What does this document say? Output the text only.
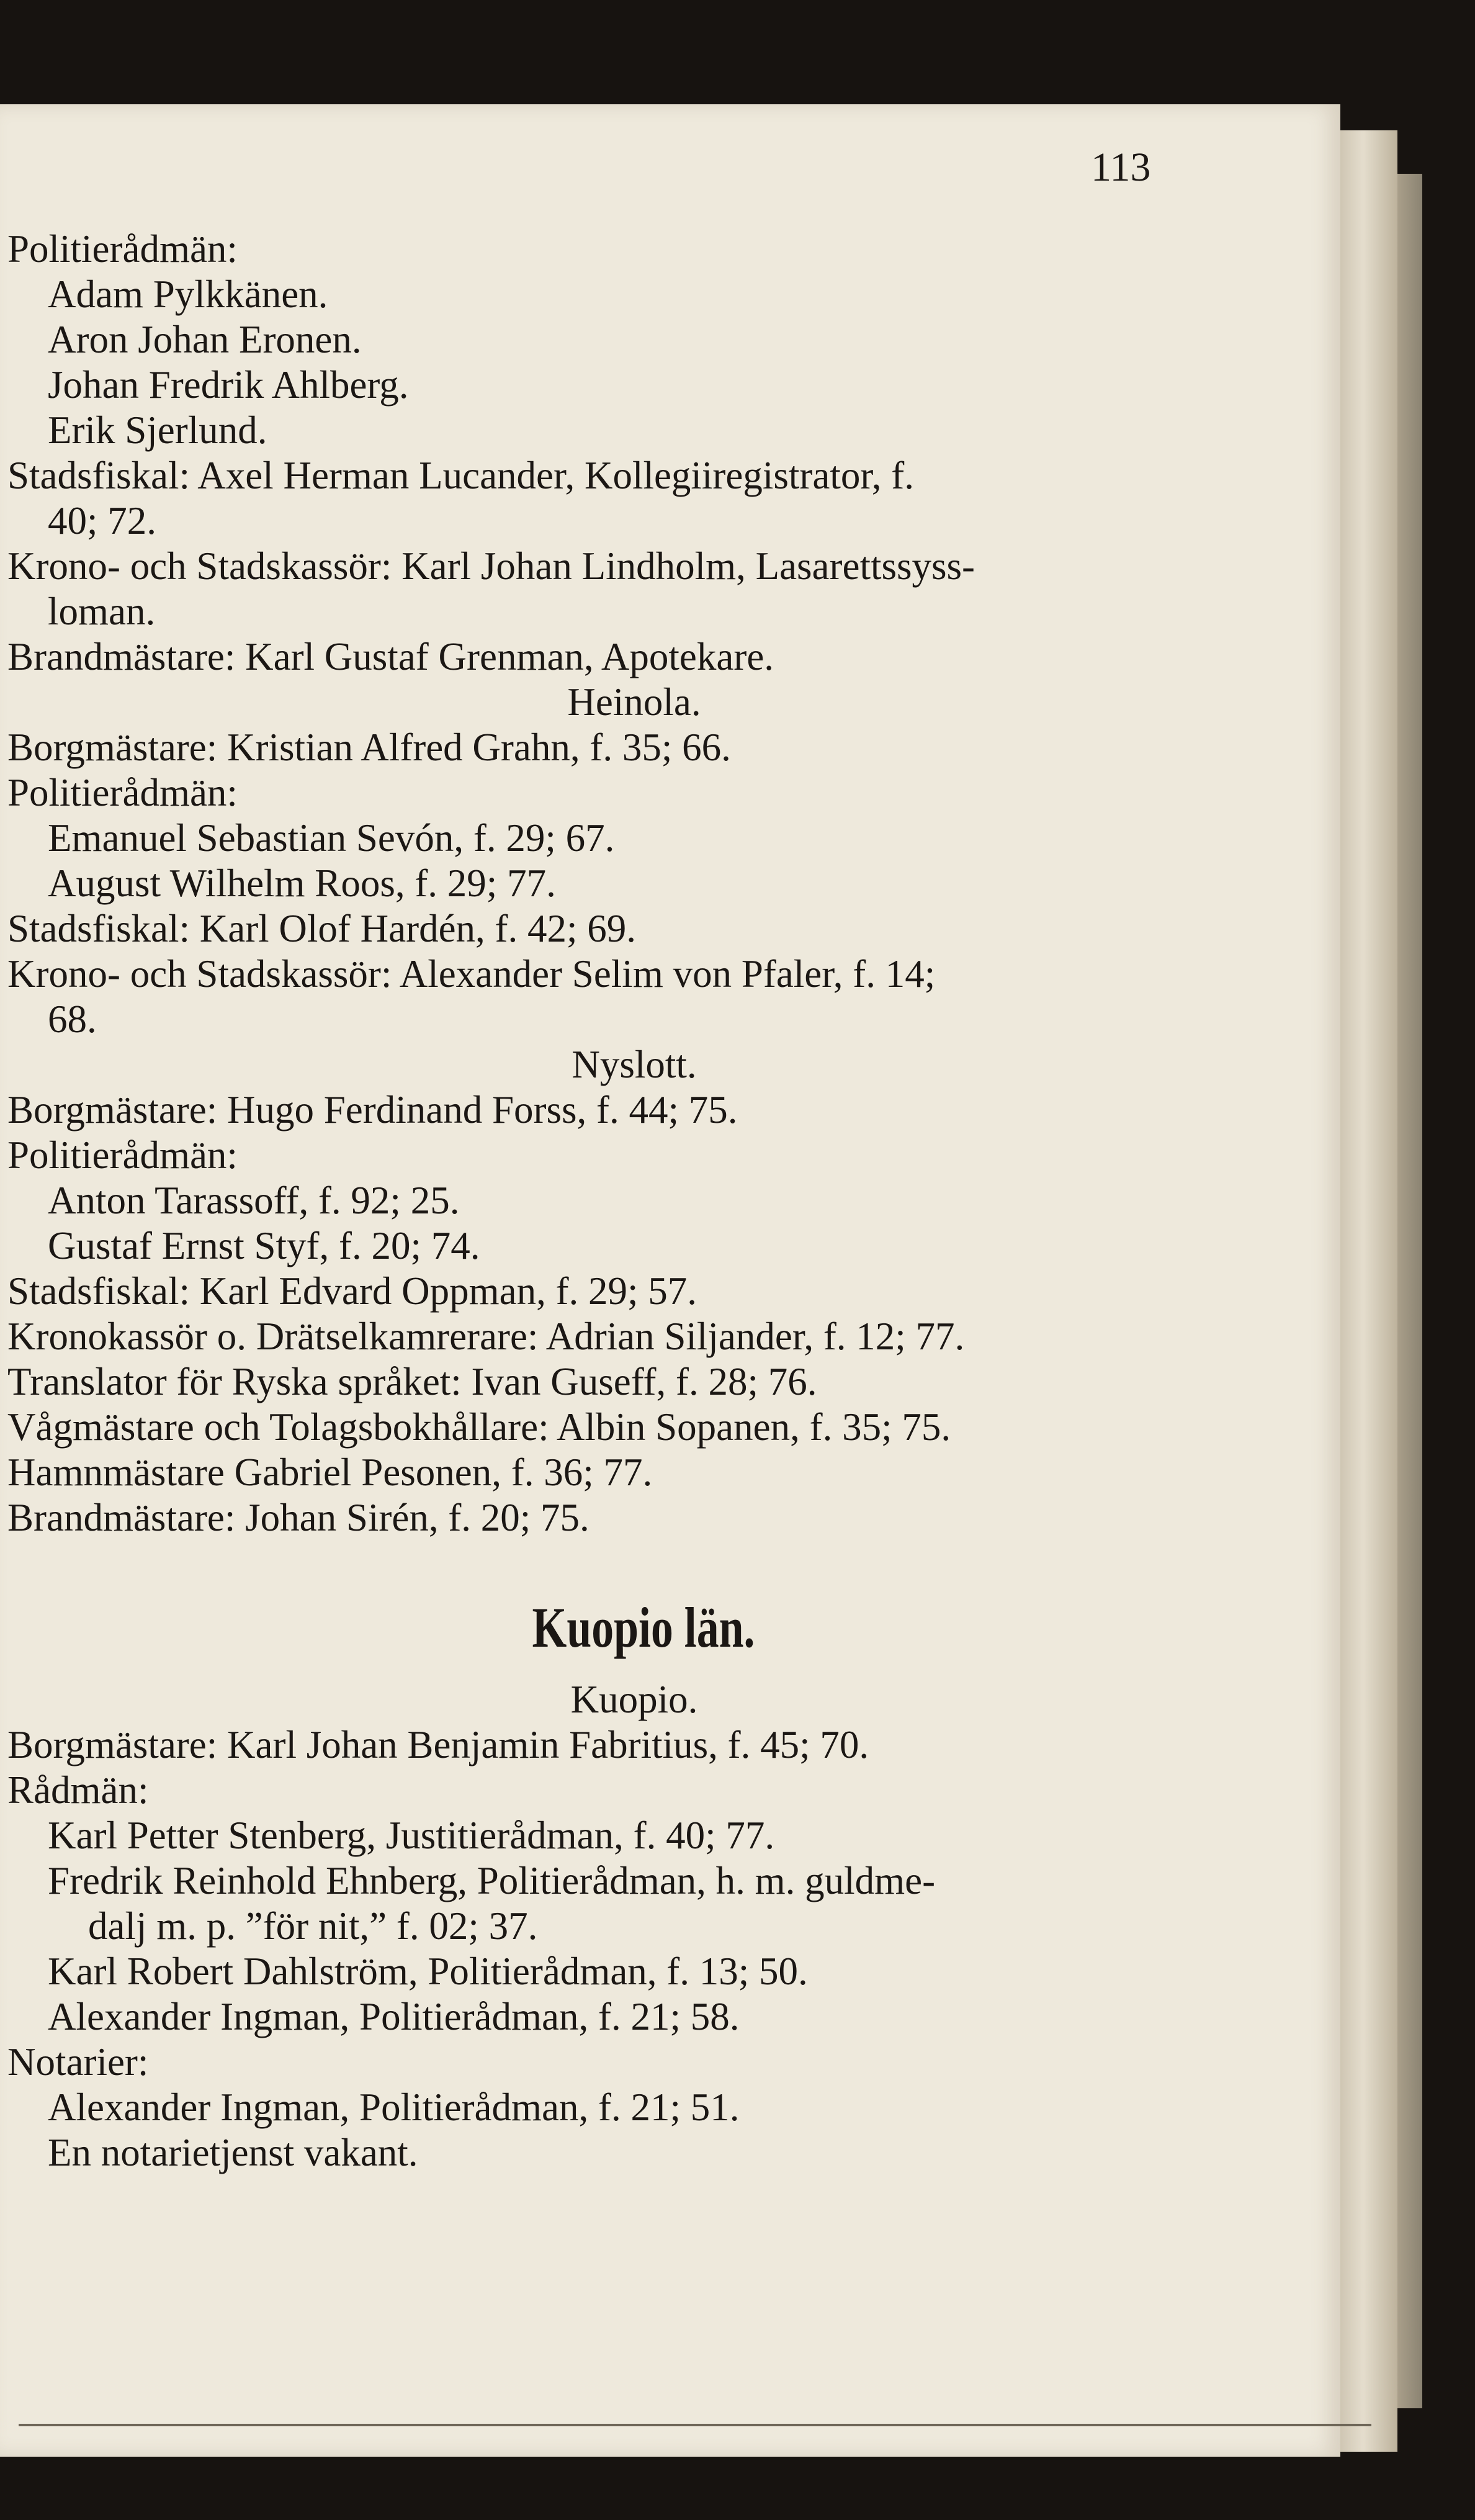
113
Politierådmän:
Adam Pylkkänen.
Aron Johan Eronen.
Johan Fredrik Ahlberg.
Erik Sjerlund.
Stadsfiskal: Axel Herman Lucander, Kollegiiregistrator, f.
40; 72.
Krono- och Stadskassör: Karl Johan Lindholm, Lasarettssyss-
loman.
Brandmästare: Karl Gustaf Grenman, Apotekare.
Heinola.
Borgmästare: Kristian Alfred Grahn, f. 35; 66.
Politierådmän:
Emanuel Sebastian Sevón, f. 29; 67.
August Wilhelm Roos, f. 29; 77.
Stadsfiskal: Karl Olof Hardén, f. 42; 69.
Krono- och Stadskassör: Alexander Selim von Pfaler, f. 14;
68.
Nyslott.
Borgmästare: Hugo Ferdinand Forss, f. 44; 75.
Politierådmän:
Anton Tarassoff, f. 92; 25.
Gustaf Ernst Styf, f. 20; 74.
Stadsfiskal: Karl Edvard Oppman, f. 29; 57.
Kronokassör o. Drätselkamrerare: Adrian Siljander, f. 12; 77.
Translator för Ryska språket: Ivan Guseff, f. 28; 76.
Vågmästare och Tolagsbokhållare: Albin Sopanen, f. 35; 75.
Hamnmästare Gabriel Pesonen, f. 36; 77.
Brandmästare: Johan Sirén, f. 20; 75.
Kuopio län.
Kuopio.
Borgmästare: Karl Johan Benjamin Fabritius, f. 45; 70.
Rådmän:
Karl Petter Stenberg, Justitierådman, f. 40; 77.
Fredrik Reinhold Ehnberg, Politierådman, h. m. guldme-
dalj m. p. ”för nit,” f. 02; 37.
Karl Robert Dahlström, Politierådman, f. 13; 50.
Alexander Ingman, Politierådman, f. 21; 58.
Notarier:
Alexander Ingman, Politierådman, f. 21; 51.
En notarietjenst vakant.
